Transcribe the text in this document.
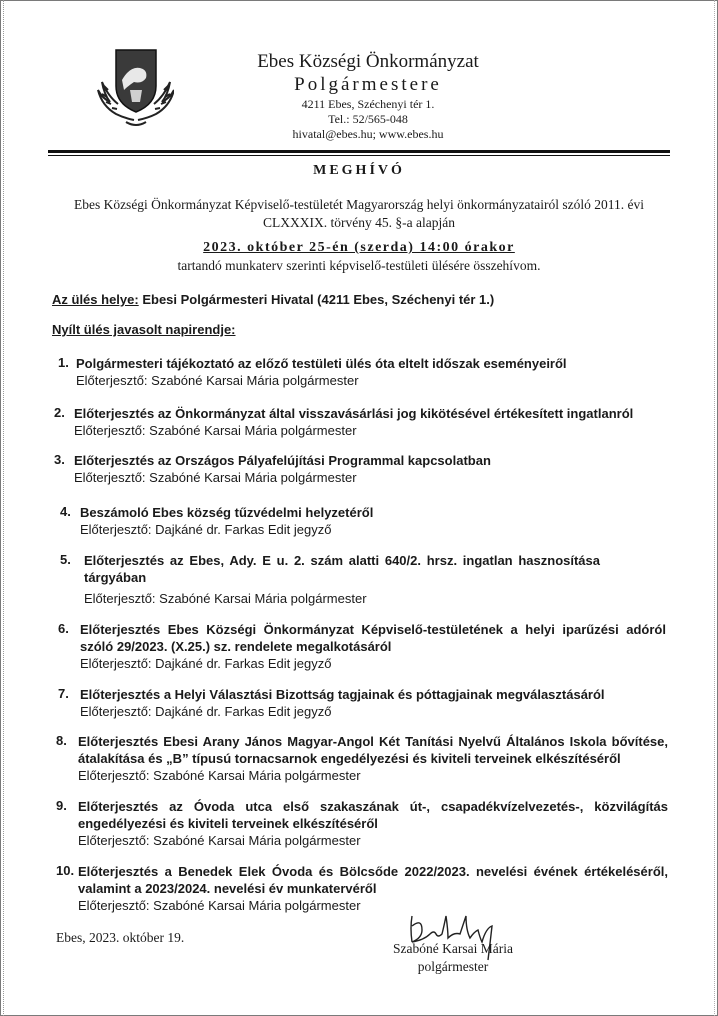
Ebes Községi Önkormányzat
Polgármestere
4211 Ebes, Széchenyi tér 1.
Tel.: 52/565-048
hivatal@ebes.hu; www.ebes.hu
MEGHÍVÓ
Ebes Községi Önkormányzat Képviselő-testületét Magyarország helyi önkormányzatairól szóló 2011. évi CLXXXIX. törvény 45. §-a alapján
2023. október 25-én (szerda) 14:00 órakor
tartandó munkaterv szerinti képviselő-testületi ülésére összehívom.
Az ülés helye: Ebesi Polgármesteri Hivatal (4211 Ebes, Széchenyi tér 1.)
Nyílt ülés javasolt napirendje:
1. Polgármesteri tájékoztató az előző testületi ülés óta eltelt időszak eseményeiről
Előterjesztő: Szabóné Karsai Mária polgármester
2. Előterjesztés az Önkormányzat által visszavásárlási jog kikötésével értékesített ingatlanról
Előterjesztő: Szabóné Karsai Mária polgármester
3. Előterjesztés az Országos Pályafelújítási Programmal kapcsolatban
Előterjesztő: Szabóné Karsai Mária polgármester
4. Beszámoló Ebes község tűzvédelmi helyzetéről
Előterjesztő: Dajkáné dr. Farkas Edit jegyző
5. Előterjesztés az Ebes, Ady. E u. 2. szám alatti 640/2. hrsz. ingatlan hasznosítása tárgyában
Előterjesztő: Szabóné Karsai Mária polgármester
6. Előterjesztés Ebes Községi Önkormányzat Képviselő-testületének a helyi iparűzési adóról szóló 29/2023. (X.25.) sz. rendelete megalkotásáról
Előterjesztő: Dajkáné dr. Farkas Edit jegyző
7. Előterjesztés a Helyi Választási Bizottság tagjainak és póttagjainak megválasztásáról
Előterjesztő: Dajkáné dr. Farkas Edit jegyző
8. Előterjesztés Ebesi Arany János Magyar-Angol Két Tanítási Nyelvű Általános Iskola bővítése, átalakítása és „B” típusú tornacsarnok engedélyezési és kiviteli terveinek elkészítéséről
Előterjesztő: Szabóné Karsai Mária polgármester
9. Előterjesztés az Óvoda utca első szakaszának út-, csapadékvízelvezetés-, közvilágítás engedélyezési és kiviteli terveinek elkészítéséről
Előterjesztő: Szabóné Karsai Mária polgármester
10. Előterjesztés a Benedek Elek Óvoda és Bölcsőde 2022/2023. nevelési évének értékeléséről, valamint a 2023/2024. nevelési év munkatervéről
Előterjesztő: Szabóné Karsai Mária polgármester
Ebes, 2023. október 19.
Szabóné Karsai Mária
polgármester
